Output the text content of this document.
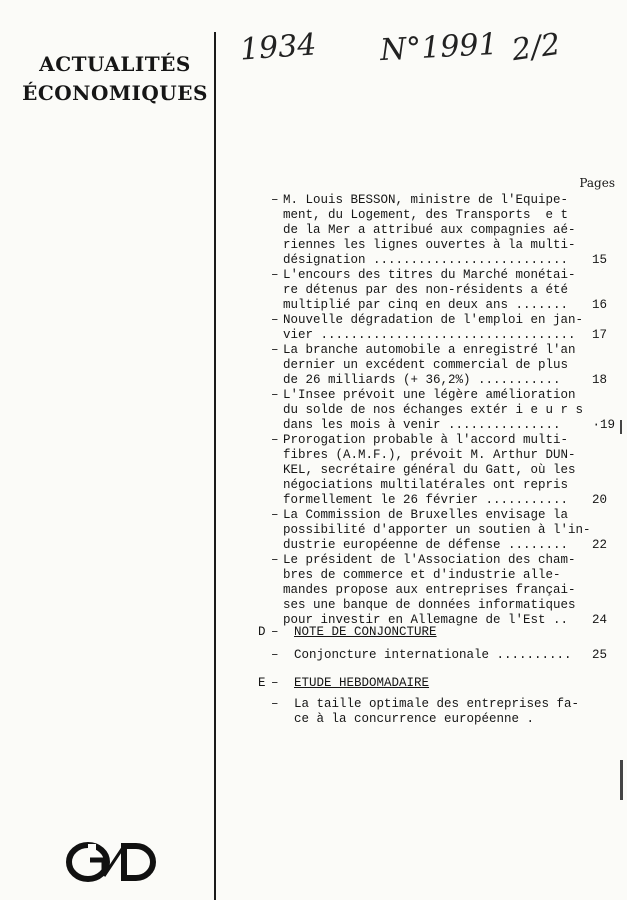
ACTUALITÉS
ÉCONOMIQUES
1934 N°1991 2/2
Pages
– M. Louis BESSON, ministre de l'Equipe-
ment, du Logement, des Transports  e t
de la Mer a attribué aux compagnies aé-
riennes les lignes ouvertes à la multi-
désignation ..........................	15
– L'encours des titres du Marché monétai-
re détenus par des non-résidents a été
multiplié par cinq en deux ans .......	16
– Nouvelle dégradation de l'emploi en jan-
vier ..................................	17
– La branche automobile a enregistré l'an
dernier un excédent commercial de plus
de 26 milliards (+ 36,2%) ...........	18
– L'Insee prévoit une légère amélioration
du solde de nos échanges extér i e u r s
dans les mois à venir ...............	·19
– Prorogation probable à l'accord multi-
fibres (A.M.F.), prévoit M. Arthur DUN-
KEL, secrétaire général du Gatt, où les
négociations multilatérales ont repris
formellement le 26 février ...........	20
– La Commission de Bruxelles envisage la
possibilité d'apporter un soutien à l'in-
dustrie européenne de défense ........	22
– Le président de l'Association des cham-
bres de commerce et d'industrie alle-
mandes propose aux entreprises françai-
ses une banque de données informatiques
pour investir en Allemagne de l'Est ..	24
D – NOTE DE CONJONCTURE
– Conjoncture internationale ..........	25
E – ETUDE HEBDOMADAIRE
– La taille optimale des entreprises fa-
ce à la concurrence européenne .
